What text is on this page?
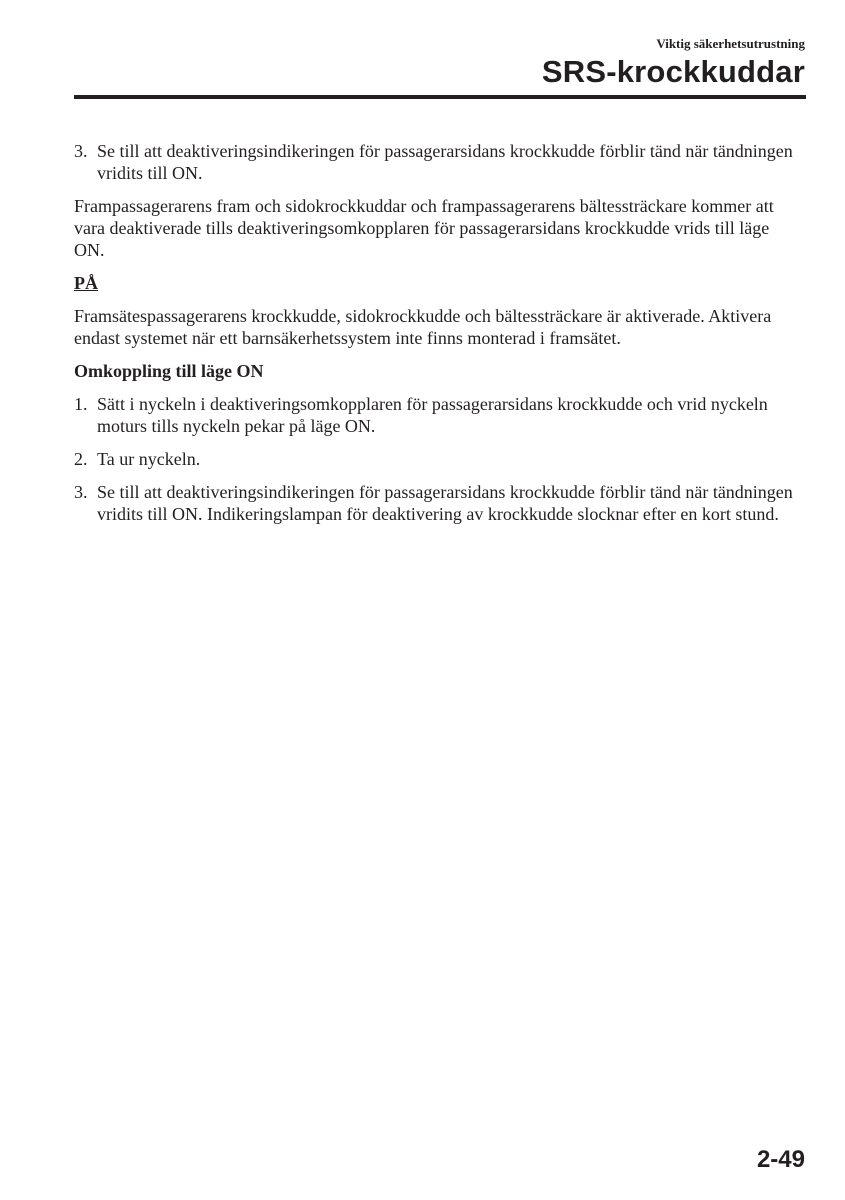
Viktig säkerhetsutrustning
SRS-krockkuddar
3. Se till att deaktiveringsindikeringen för passagerarsidans krockkudde förblir tänd när tändningen vridits till ON.

Frampassagerarens fram och sidokrockkuddar och frampassagerarens bältessträckare kommer att vara deaktiverade tills deaktiveringsomkopplaren för passagerarsidans krockkudde vrids till läge ON.

PÅ

Framsätespassagerarens krockkudde, sidokrockkudde och bältessträckare är aktiverade. Aktivera endast systemet när ett barnsäkerhetssystem inte finns monterad i framsätet.

Omkoppling till läge ON

1. Sätt i nyckeln i deaktiveringsomkopplaren för passagerarsidans krockkudde och vrid nyckeln moturs tills nyckeln pekar på läge ON.
2. Ta ur nyckeln.
3. Se till att deaktiveringsindikeringen för passagerarsidans krockkudde förblir tänd när tändningen vridits till ON. Indikeringslampan för deaktivering av krockkudde slocknar efter en kort stund.
2-49
